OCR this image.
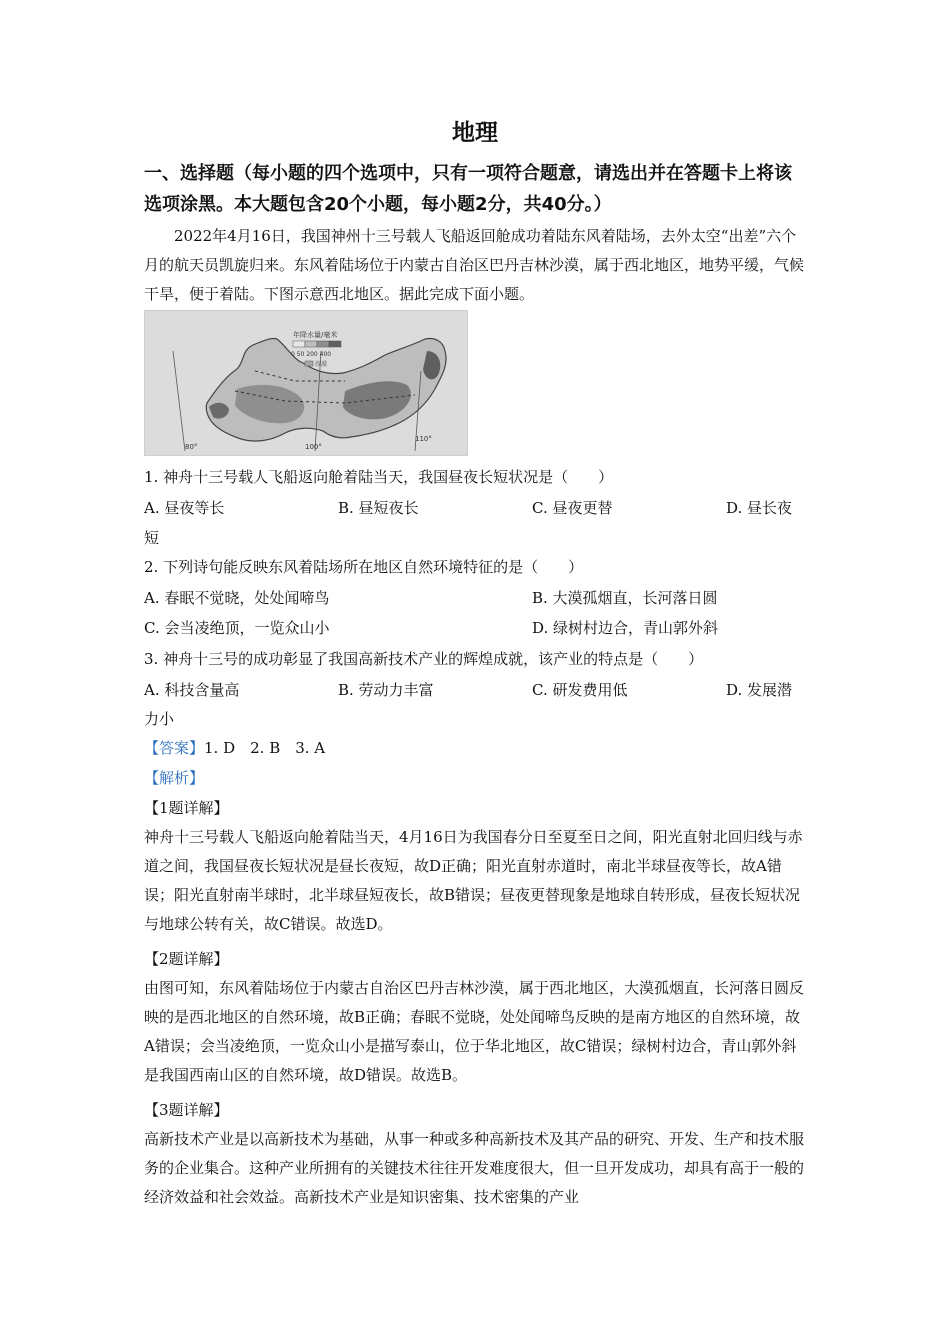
地理
一、选择题（每小题的四个选项中，只有一项符合题意，请选出并在答题卡上将该选项涂黑。本大题包含20个小题，每小题2分，共40分。）
2022年4月16日，我国神州十三号载人飞船返回舱成功着陆东风着陆场，去外太空“出差”六个月的航天员凯旋归来。东风着陆场位于内蒙古自治区巴丹吉林沙漠，属于西北地区，地势平缓，气候干旱，便于着陆。下图示意西北地区。据此完成下面小题。
80°	100°
110°
年降水量/毫米
0 50 200 400
沙漠
1. 神舟十三号载人飞船返向舱着陆当天，我国昼夜长短状况是（　　）
A. 昼夜等长	B. 昼短夜长	C. 昼夜更替	D. 昼长夜
短
2. 下列诗句能反映东风着陆场所在地区自然环境特征的是（　　）
A. 春眠不觉晓，处处闻啼鸟	B. 大漠孤烟直，长河落日圆
C. 会当凌绝顶，一览众山小	D. 绿树村边合，青山郭外斜
3. 神舟十三号的成功彰显了我国高新技术产业的辉煌成就，该产业的特点是（　　）
A. 科技含量高	B. 劳动力丰富	C. 研发费用低	D. 发展潜
力小
【答案】1. D　2. B　3. A
【解析】
【1题详解】
神舟十三号载人飞船返向舱着陆当天，4月16日为我国春分日至夏至日之间，阳光直射北回归线与赤道之间，我国昼夜长短状况是昼长夜短，故D正确；阳光直射赤道时，南北半球昼夜等长，故A错误；阳光直射南半球时，北半球昼短夜长，故B错误；昼夜更替现象是地球自转形成，昼夜长短状况与地球公转有关，故C错误。故选D。
【2题详解】
由图可知，东风着陆场位于内蒙古自治区巴丹吉林沙漠，属于西北地区，大漠孤烟直，长河落日圆反映的是西北地区的自然环境，故B正确；春眠不觉晓，处处闻啼鸟反映的是南方地区的自然环境，故A错误；会当凌绝顶，一览众山小是描写泰山，位于华北地区，故C错误；绿树村边合，青山郭外斜是我国西南山区的自然环境，故D错误。故选B。
【3题详解】
高新技术产业是以高新技术为基础，从事一种或多种高新技术及其产品的研究、开发、生产和技术服务的企业集合。这种产业所拥有的关键技术往往开发难度很大，但一旦开发成功，却具有高于一般的经济效益和社会效益。高新技术产业是知识密集、技术密集的产业
